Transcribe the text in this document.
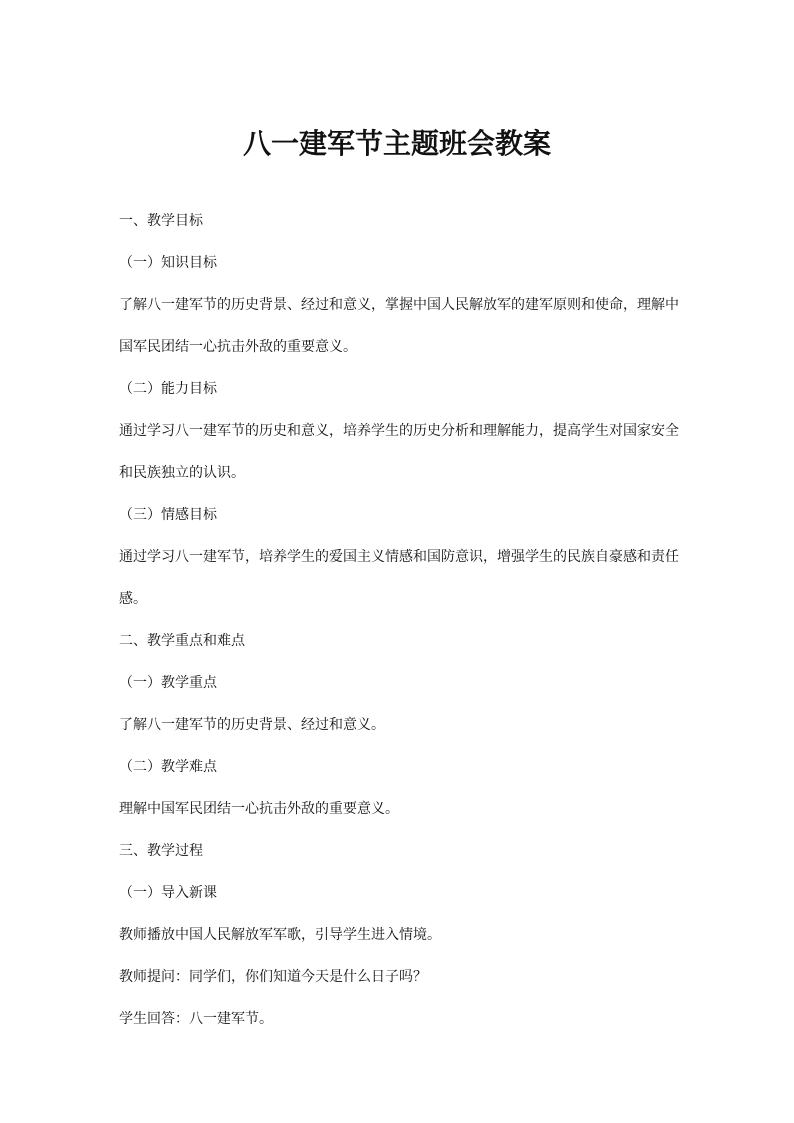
八一建军节主题班会教案
一、教学目标
（一）知识目标
了解八一建军节的历史背景、经过和意义，掌握中国人民解放军的建军原则和使命，理解中国军民团结一心抗击外敌的重要意义。
（二）能力目标
通过学习八一建军节的历史和意义，培养学生的历史分析和理解能力，提高学生对国家安全和民族独立的认识。
（三）情感目标
通过学习八一建军节，培养学生的爱国主义情感和国防意识，增强学生的民族自豪感和责任感。
二、教学重点和难点
（一）教学重点
了解八一建军节的历史背景、经过和意义。
（二）教学难点
理解中国军民团结一心抗击外敌的重要意义。
三、教学过程
（一）导入新课
教师播放中国人民解放军军歌，引导学生进入情境。
教师提问：同学们，你们知道今天是什么日子吗？
学生回答：八一建军节。
